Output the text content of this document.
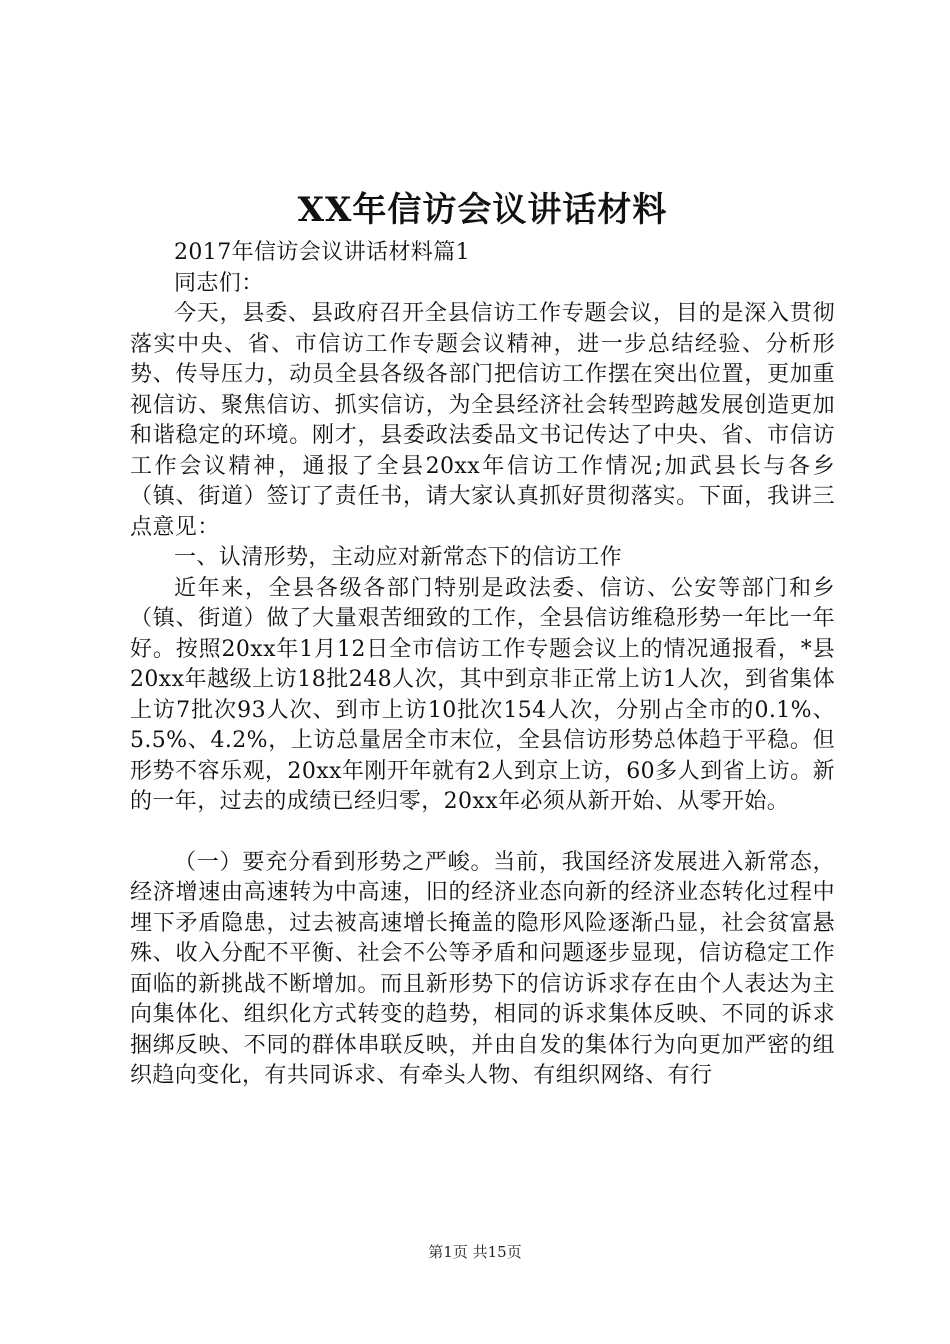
XX年信访会议讲话材料

2017年信访会议讲话材料篇1

同志们：

今天，县委、县政府召开全县信访工作专题会议，目的是深入贯彻落实中央、省、市信访工作专题会议精神，进一步总结经验、分析形势、传导压力，动员全县各级各部门把信访工作摆在突出位置，更加重视信访、聚焦信访、抓实信访，为全县经济社会转型跨越发展创造更加和谐稳定的环境。刚才，县委政法委品文书记传达了中央、省、市信访工作会议精神，通报了全县20xx年信访工作情况;加武县长与各乡（镇、街道）签订了责任书，请大家认真抓好贯彻落实。下面，我讲三点意见：

一、认清形势，主动应对新常态下的信访工作

近年来，全县各级各部门特别是政法委、信访、公安等部门和乡（镇、街道）做了大量艰苦细致的工作，全县信访维稳形势一年比一年好。按照20xx年1月12日全市信访工作专题会议上的情况通报看，*县20xx年越级上访18批248人次，其中到京非正常上访1人次，到省集体上访7批次93人次、到市上访10批次154人次，分别占全市的0.1%、5.5%、4.2%，上访总量居全市末位，全县信访形势总体趋于平稳。但形势不容乐观，20xx年刚开年就有2人到京上访，60多人到省上访。新的一年，过去的成绩已经归零，20xx年必须从新开始、从零开始。

（一）要充分看到形势之严峻。当前，我国经济发展进入新常态，经济增速由高速转为中高速，旧的经济业态向新的经济业态转化过程中埋下矛盾隐患，过去被高速增长掩盖的隐形风险逐渐凸显，社会贫富悬殊、收入分配不平衡、社会不公等矛盾和问题逐步显现，信访稳定工作面临的新挑战不断增加。而且新形势下的信访诉求存在由个人表达为主向集体化、组织化方式转变的趋势，相同的诉求集体反映、不同的诉求捆绑反映、不同的群体串联反映，并由自发的集体行为向更加严密的组织趋向变化，有共同诉求、有牵头人物、有组织网络、有行

第1页 共15页
